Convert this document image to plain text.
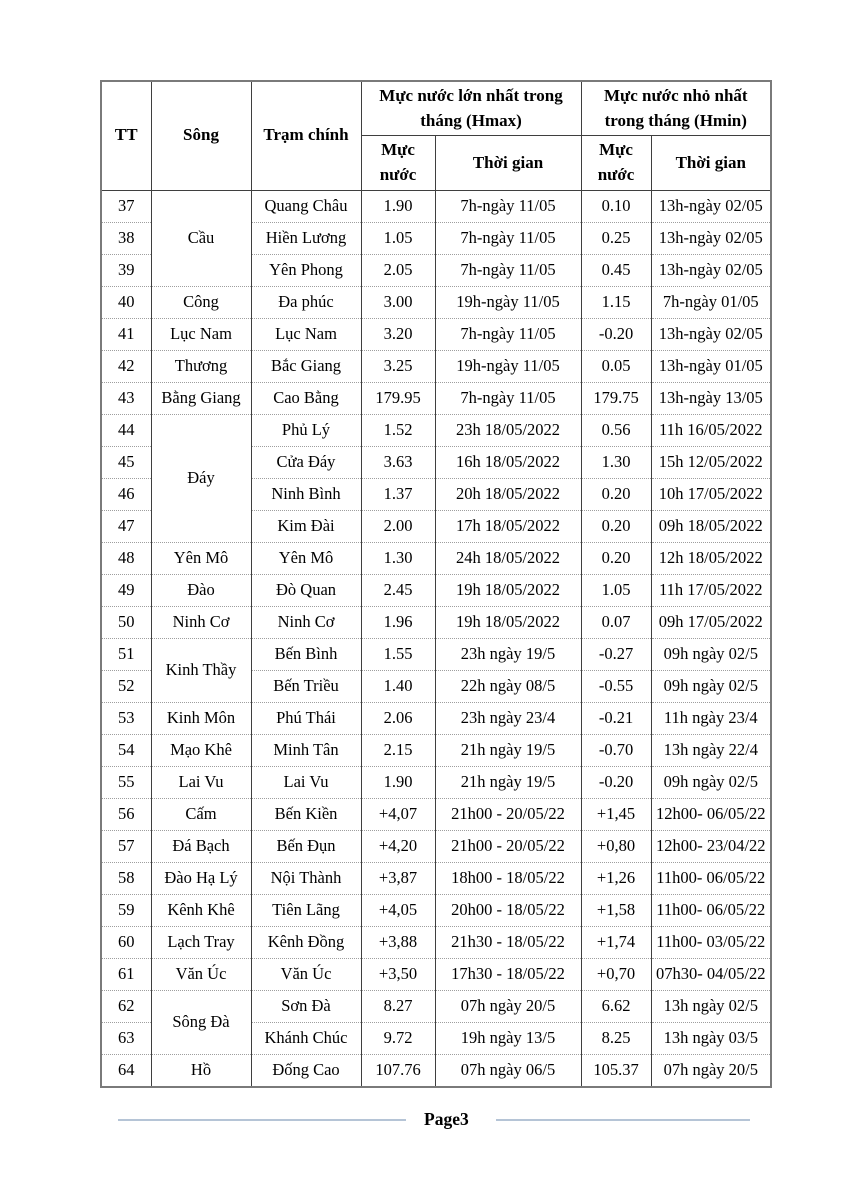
TT	Sông	Trạm chính	Mực nước lớn nhất trong tháng (Hmax)		Mực nước nhỏ nhất trong tháng (Hmin)	
			Mực nước	Thời gian	Mực nước	Thời gian
37	Cầu	Quang Châu	1.90	7h-ngày 11/05	0.10	13h-ngày 02/05
38		Hiền Lương	1.05	7h-ngày 11/05	0.25	13h-ngày 02/05
39		Yên Phong	2.05	7h-ngày 11/05	0.45	13h-ngày 02/05
40	Công	Đa phúc	3.00	19h-ngày 11/05	1.15	7h-ngày 01/05
41	Lục Nam	Lục Nam	3.20	7h-ngày 11/05	-0.20	13h-ngày 02/05
42	Thương	Bắc Giang	3.25	19h-ngày 11/05	0.05	13h-ngày 01/05
43	Bằng Giang	Cao Bằng	179.95	7h-ngày 11/05	179.75	13h-ngày 13/05
44	Đáy	Phủ Lý	1.52	23h 18/05/2022	0.56	11h 16/05/2022
45		Cửa Đáy	3.63	16h 18/05/2022	1.30	15h 12/05/2022
46		Ninh Bình	1.37	20h 18/05/2022	0.20	10h 17/05/2022
47		Kim Đài	2.00	17h 18/05/2022	0.20	09h 18/05/2022
48	Yên Mô	Yên Mô	1.30	24h 18/05/2022	0.20	12h 18/05/2022
49	Đào	Đò Quan	2.45	19h 18/05/2022	1.05	11h 17/05/2022
50	Ninh Cơ	Ninh Cơ	1.96	19h 18/05/2022	0.07	09h 17/05/2022
51	Kinh Thầy	Bến Bình	1.55	23h ngày 19/5	-0.27	09h ngày 02/5
52		Bến Triều	1.40	22h ngày 08/5	-0.55	09h ngày 02/5
53	Kinh Môn	Phú Thái	2.06	23h ngày 23/4	-0.21	11h ngày 23/4
54	Mạo Khê	Minh Tân	2.15	21h ngày 19/5	-0.70	13h ngày 22/4
55	Lai Vu	Lai Vu	1.90	21h ngày 19/5	-0.20	09h ngày 02/5
56	Cấm	Bến Kiền	+4,07	21h00 - 20/05/22	+1,45	12h00- 06/05/22
57	Đá Bạch	Bến Đụn	+4,20	21h00 - 20/05/22	+0,80	12h00- 23/04/22
58	Đào Hạ Lý	Nội Thành	+3,87	18h00 - 18/05/22	+1,26	11h00- 06/05/22
59	Kênh Khê	Tiên Lãng	+4,05	20h00 - 18/05/22	+1,58	11h00- 06/05/22
60	Lạch Tray	Kênh Đồng	+3,88	21h30 - 18/05/22	+1,74	11h00- 03/05/22
61	Văn Úc	Văn Úc	+3,50	17h30 - 18/05/22	+0,70	07h30- 04/05/22
62	Sông Đà	Sơn Đà	8.27	07h ngày 20/5	6.62	13h ngày 02/5
63		Khánh Chúc	9.72	19h ngày 13/5	8.25	13h ngày 03/5
64	Hồ	Đống Cao	107.76	07h ngày 06/5	105.37	07h ngày 20/5
Page3
